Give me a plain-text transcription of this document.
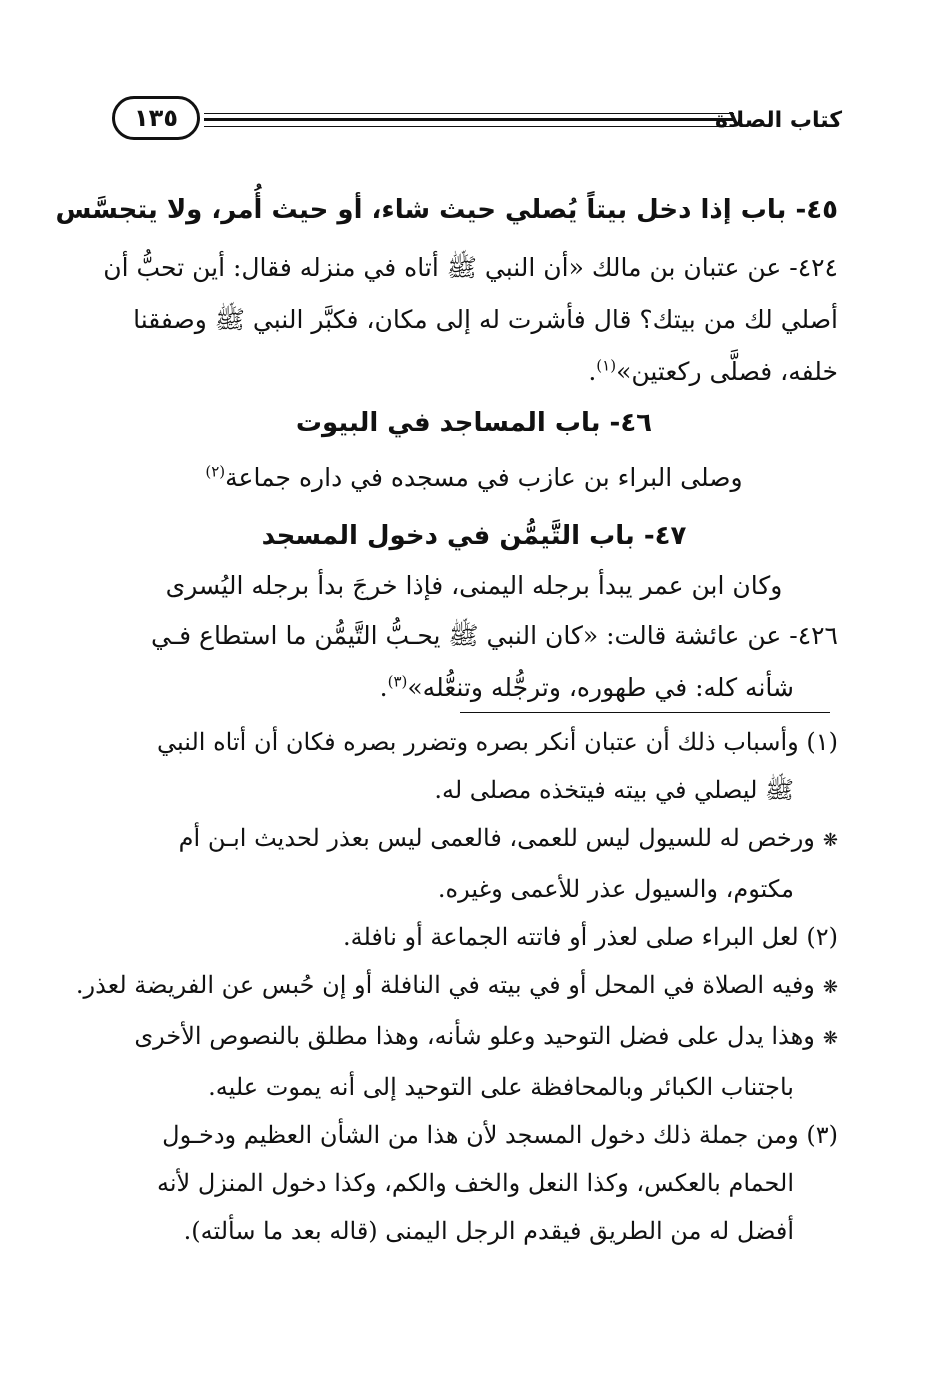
كتاب الصلاة
١٣٥
٤٥- باب إذا دخل بيتاً يُصلي حيث شاء، أو حيث أُمر، ولا يتجسَّس
٤٢٤- عن عتبان بن مالك «أن النبي ﷺ أتاه في منزله فقال: أين تحبُّ أن
أصلي لك من بيتك؟ قال فأشرت له إلى مكان، فكبَّر النبي ﷺ وصفقنا
خلفه، فصلَّى ركعتين»$^{(١)}$.
٤٦- باب المساجد في البيوت
وصلى البراء بن عازب في مسجده في داره جماعة$^{(٢)}$
٤٧- باب التَّيمُّن في دخول المسجد
وكان ابن عمر يبدأ برجله اليمنى، فإذا خرجَ بدأ برجله اليُسرى
٤٢٦- عن عائشة قالت: «كان النبي ﷺ يحـبُّ التَّيمُّن ما استطاع فـي
شأنه كله: في طهوره، وترجُّله وتنعُّله»$^{(٣)}$.
(١) وأسباب ذلك أن عتبان أنكر بصره وتضرر بصره فكان أن أتاه النبي
ﷺ ليصلي في بيته فيتخذه مصلى له.
❋ورخص له للسيول ليس للعمى، فالعمى ليس بعذر لحديث ابـن أم
مكتوم، والسيول عذر للأعمى وغيره.
(٢) لعل البراء صلى لعذر أو فاتته الجماعة أو نافلة.
❋وفيه الصلاة في المحل أو في بيته في النافلة أو إن حُبس عن الفريضة لعذر.
❋وهذا يدل على فضل التوحيد وعلو شأنه، وهذا مطلق بالنصوص الأخرى
باجتناب الكبائر وبالمحافظة على التوحيد إلى أنه يموت عليه.
(٣) ومن جملة ذلك دخول المسجد لأن هذا من الشأن العظيم ودخـول
الحمام بالعكس، وكذا النعل والخف والكم، وكذا دخول المنزل لأنه
أفضل له من الطريق فيقدم الرجل اليمنى (قاله بعد ما سألته).
